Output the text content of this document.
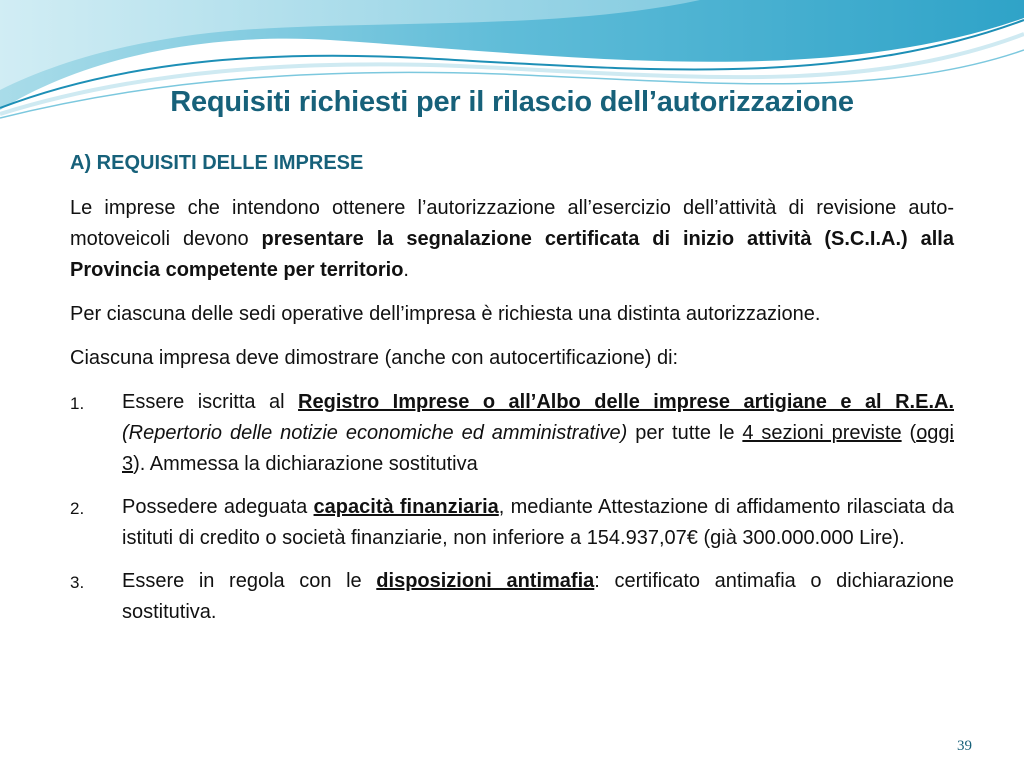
Requisiti richiesti per il rilascio dell’autorizzazione
A) REQUISITI DELLE IMPRESE

Le imprese che intendono ottenere l’autorizzazione all’esercizio dell’attività di revisione auto-motoveicoli devono presentare la segnalazione certificata di inizio attività (S.C.I.A.) alla Provincia competente per territorio.

Per ciascuna delle sedi operative dell’impresa è richiesta una distinta autorizzazione.

Ciascuna impresa deve dimostrare (anche con autocertificazione) di:

1. Essere iscritta al Registro Imprese o all’Albo delle imprese artigiane e al R.E.A. (Repertorio delle notizie economiche ed amministrative) per tutte le 4 sezioni previste (oggi 3). Ammessa la dichiarazione sostitutiva
2. Possedere adeguata capacità finanziaria, mediante Attestazione di affidamento rilasciata da istituti di credito o società finanziarie, non inferiore a 154.937,07€ (già 300.000.000 Lire).
3. Essere in regola con le disposizioni antimafia: certificato antimafia o dichiarazione sostitutiva.
39
